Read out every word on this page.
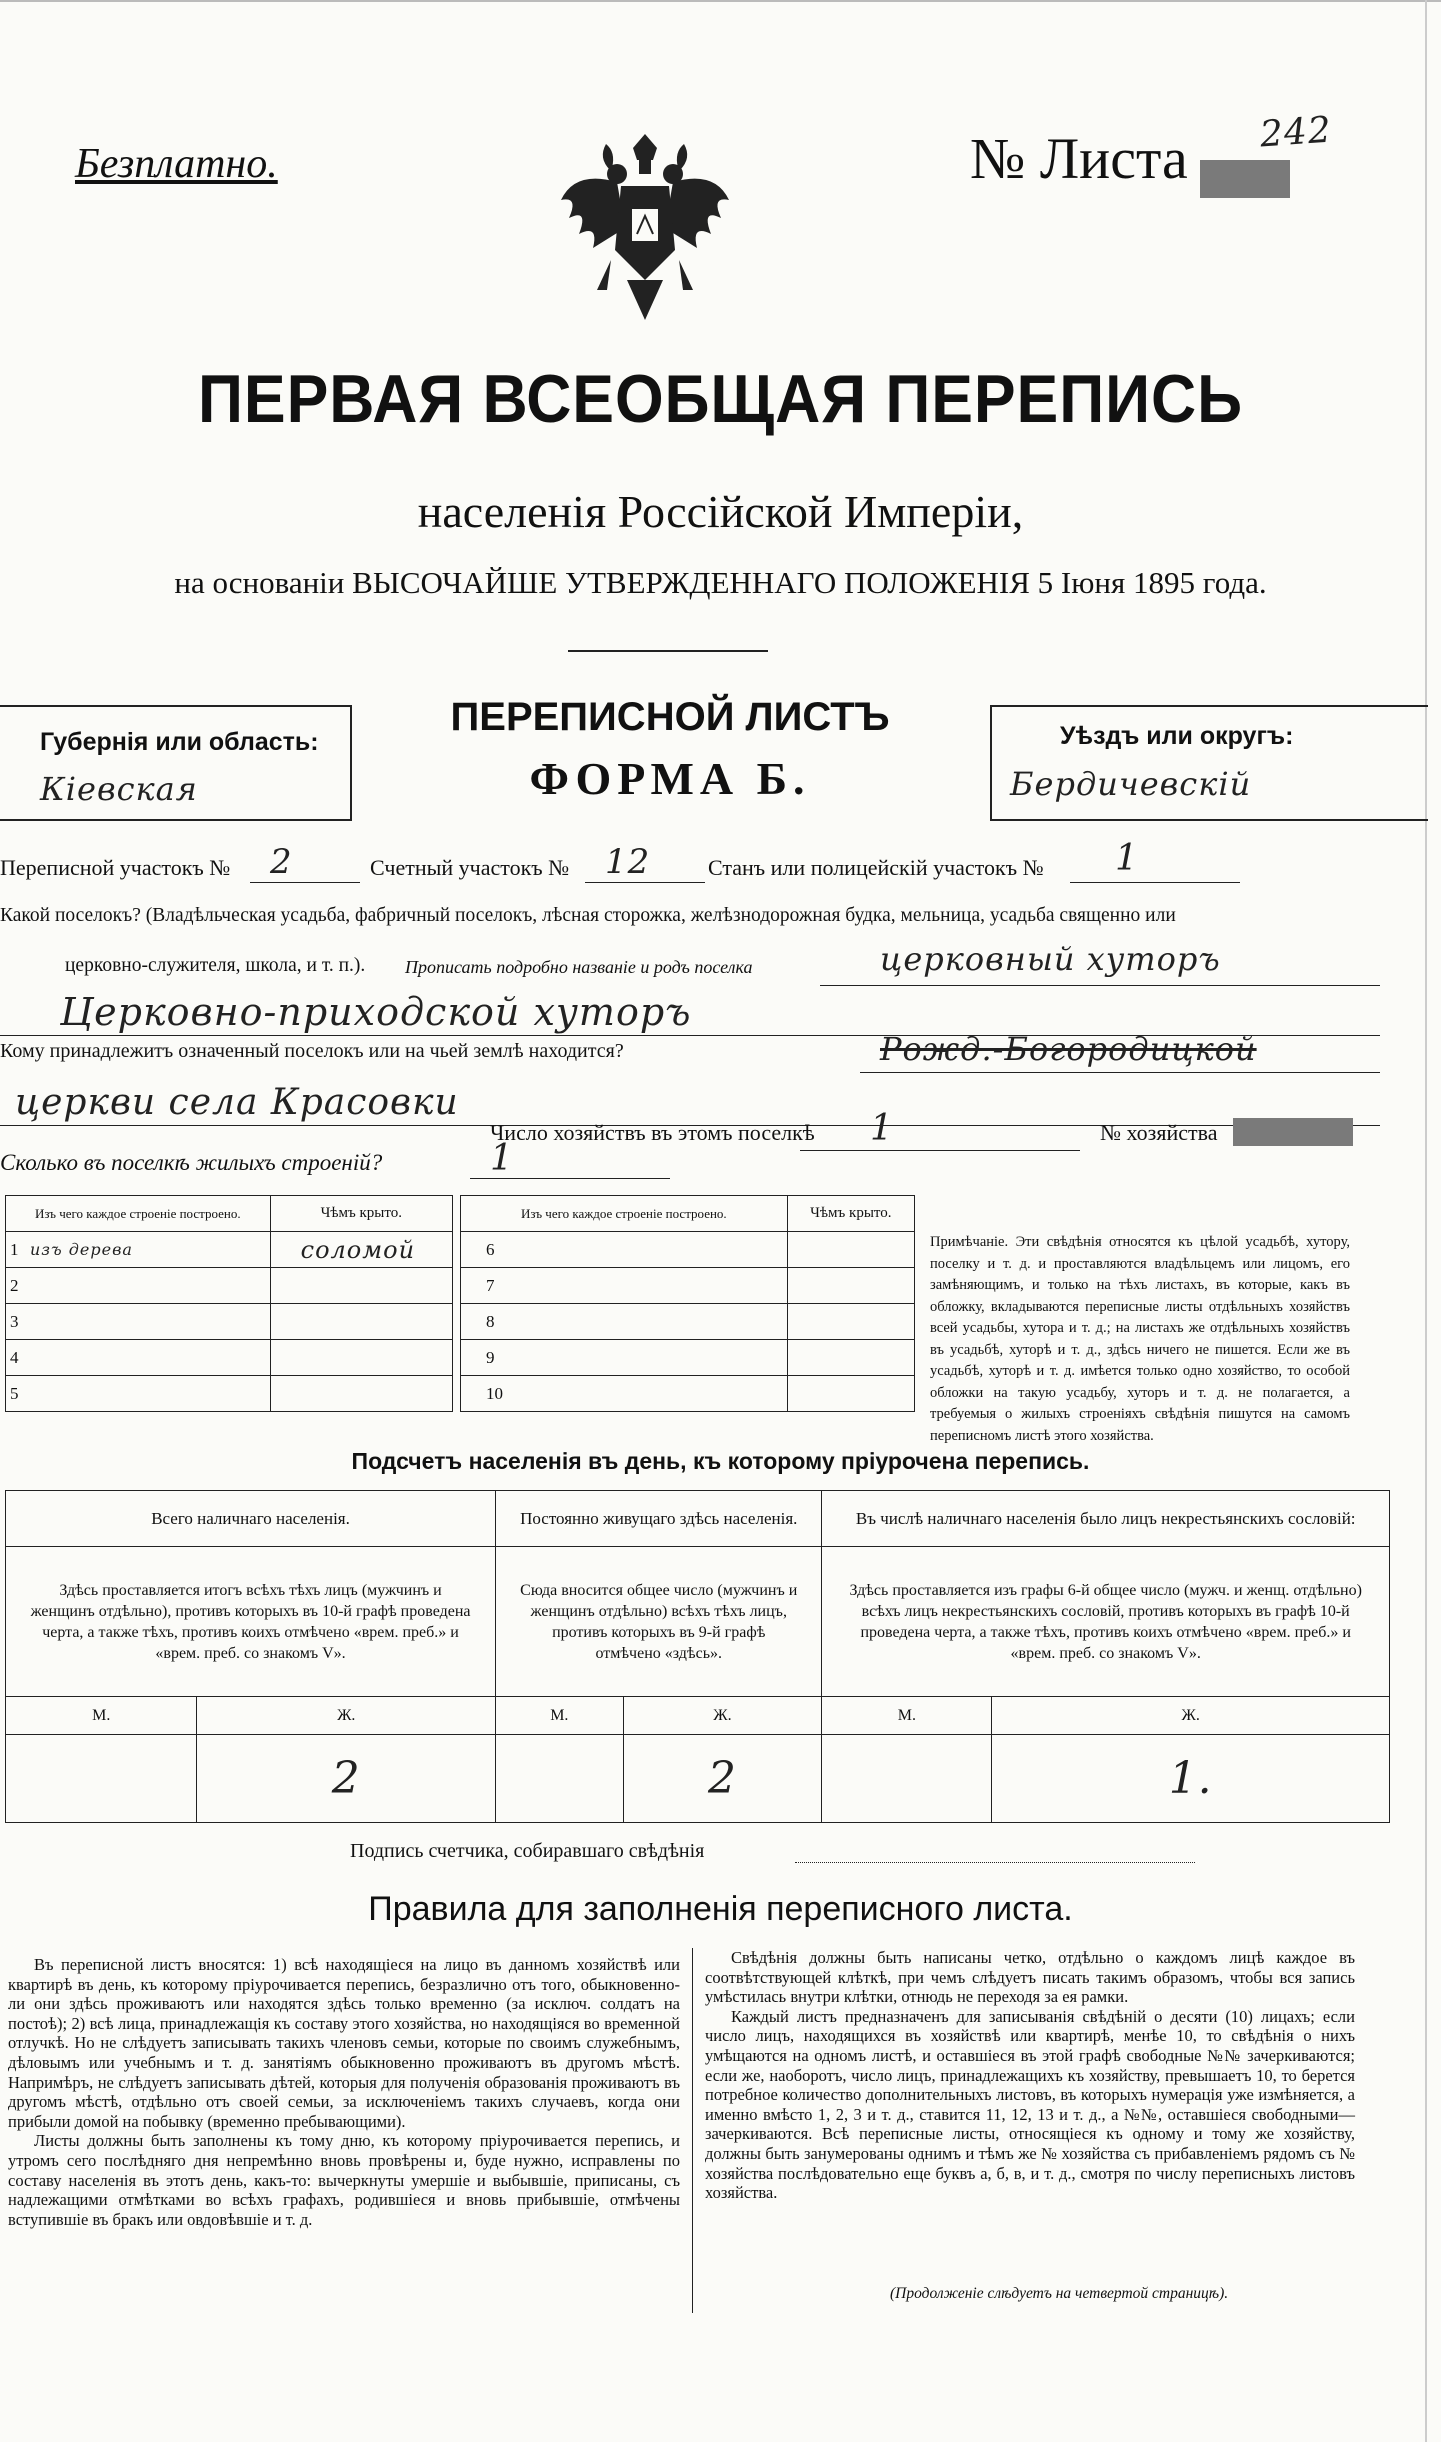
Безплатно.	№ Листа 242
ПЕРВАЯ ВСЕОБЩАЯ ПЕРЕПИСЬ
населенія Россійской Имперіи,
на основаніи ВЫСОЧАЙШЕ УТВЕРЖДЕННАГО ПОЛОЖЕНІЯ 5 Іюня 1895 года.
Губернія или область:
Кіевская
ПЕРЕПИСНОЙ ЛИСТЪ
ФОРМА Б.
Уѣздъ или округъ:
Бердичевскій
Переписной участокъ № 2	Счетный участокъ № 12	Станъ или полицейскій участокъ № 1
Какой поселокъ? (Владѣльческая усадьба, фабричный поселокъ, лѣсная сторожка, желѣзнодорожная будка, мельница, усадьба священно или
церковно-служителя, школа, и т. п.). Прописать подробно названіе и родъ поселка	церковный хуторъ
Церковно-приходской хуторъ
Кому принадлежитъ означенный поселокъ или на чьей землѣ находится?	Рожд.-Богородицкой
церкви села Красовки
Число хозяйствъ въ этомъ поселкѣ 1	№ хозяйства
Сколько въ поселкѣ жилыхъ строеній?	1
Изъ чего каждое строеніе построено.		Чѣмъ крыто.
1	изъ дерева	соломой
2		
3		
4		
5		
Изъ чего каждое строеніе построено.		Чѣмъ крыто.
6		
7		
8		
9		
10		
Примѣчаніе. Эти свѣдѣнія относятся къ цѣлой усадьбѣ, хутору, поселку и т. д. и проставляются владѣльцемъ или лицомъ, его замѣняющимъ, и только на тѣхъ листахъ, въ которые, какъ въ обложку, вкладываются переписные листы отдѣльныхъ хозяйствъ всей усадьбы, хутора и т. д.; на листахъ же отдѣльныхъ хозяйствъ въ усадьбѣ, хуторѣ и т. д., здѣсь ничего не пишется. Если же въ усадьбѣ, хуторѣ и т. д. имѣется только одно хозяйство, то особой обложки на такую усадьбу, хуторъ и т. д. не полагается, а требуемыя о жилыхъ строеніяхъ свѣдѣнія пишутся на самомъ переписномъ листѣ этого хозяйства.
Подсчетъ населенія въ день, къ которому пріурочена перепись.
Всего наличнаго населенія.		Постоянно живущаго здѣсь населенія.		Въ числѣ наличнаго населенія было лицъ некрестьянскихъ сословій:	
Здѣсь проставляется итогъ всѣхъ тѣхъ лицъ (мужчинъ и женщинъ отдѣльно), противъ которыхъ въ 10-й графѣ проведена черта, а также тѣхъ, противъ коихъ отмѣчено «врем. преб.» и «врем. преб. со знакомъ V».		Сюда вносится общее число (мужчинъ и женщинъ отдѣльно) всѣхъ тѣхъ лицъ, противъ которыхъ въ 9-й графѣ отмѣчено «здѣсь».		Здѣсь проставляется изъ графы 6-й общее число (мужч. и женщ. отдѣльно) всѣхъ лицъ некрестьянскихъ сословій, противъ которыхъ въ графѣ 10-й проведена черта, а также тѣхъ, противъ коихъ отмѣчено «врем. преб.» и «врем. преб. со знакомъ V».	
М.	Ж.	М.	Ж.	М.	Ж.
	2		2		1.
Подпись счетчика, собиравшаго свѣдѣнія
Правила для заполненія переписного листа.

Въ переписной листъ вносятся: 1) всѣ находящіеся на лицо въ данномъ хозяйствѣ или квартирѣ въ день, къ которому пріурочивается перепись, безразлично отъ того, обыкновенно-ли они здѣсь проживаютъ или находятся здѣсь только временно (за исключ. солдатъ на постоѣ); 2) всѣ лица, принадлежащія къ составу этого хозяйства, но находящіяся во временной отлучкѣ. Но не слѣдуетъ записывать такихъ членовъ семьи, которые по своимъ служебнымъ, дѣловымъ или учебнымъ и т. д. занятіямъ обыкновенно проживаютъ въ другомъ мѣстѣ. Напримѣръ, не слѣдуетъ записывать дѣтей, которыя для полученія образованія проживаютъ въ другомъ мѣстѣ, отдѣльно отъ своей семьи, за исключеніемъ такихъ случаевъ, когда они прибыли домой на побывку (временно пребывающими).

Листы должны быть заполнены къ тому дню, къ которому пріурочивается перепись, и утромъ сего послѣдняго дня непремѣнно вновь провѣрены и, буде нужно, исправлены по составу населенія въ этотъ день, какъ-то: вычеркнуты умершіе и выбывшіе, приписаны, съ надлежащими отмѣтками во всѣхъ графахъ, родившіеся и вновь прибывшіе, отмѣчены вступившіе въ бракъ или овдовѣвшіе и т. д.

Свѣдѣнія должны быть написаны четко, отдѣльно о каждомъ лицѣ каждое въ соотвѣтствующей клѣткѣ, при чемъ слѣдуетъ писать такимъ образомъ, чтобы вся запись умѣстилась внутри клѣтки, отнюдь не переходя за ея рамки.

Каждый листъ предназначенъ для записыванія свѣдѣній о десяти (10) лицахъ; если число лицъ, находящихся въ хозяйствѣ или квартирѣ, менѣе 10, то свѣдѣнія о нихъ умѣщаются на одномъ листѣ, и оставшіеся въ этой графѣ свободные №№ зачеркиваются; если же, наоборотъ, число лицъ, принадлежащихъ къ хозяйству, превышаетъ 10, то берется потребное количество дополнительныхъ листовъ, въ которыхъ нумерація уже измѣняется, а именно вмѣсто 1, 2, 3 и т. д., ставится 11, 12, 13 и т. д., а №№, оставшіеся свободными—зачеркиваются. Всѣ переписные листы, относящіеся къ одному и тому же хозяйству, должны быть занумерованы однимъ и тѣмъ же № хозяйства съ прибавленіемъ рядомъ съ № хозяйства послѣдовательно еще буквъ а, б, в, и т. д., смотря по числу переписныхъ листовъ хозяйства.

(Продолженіе слѣдуетъ на четвертой страницѣ).
